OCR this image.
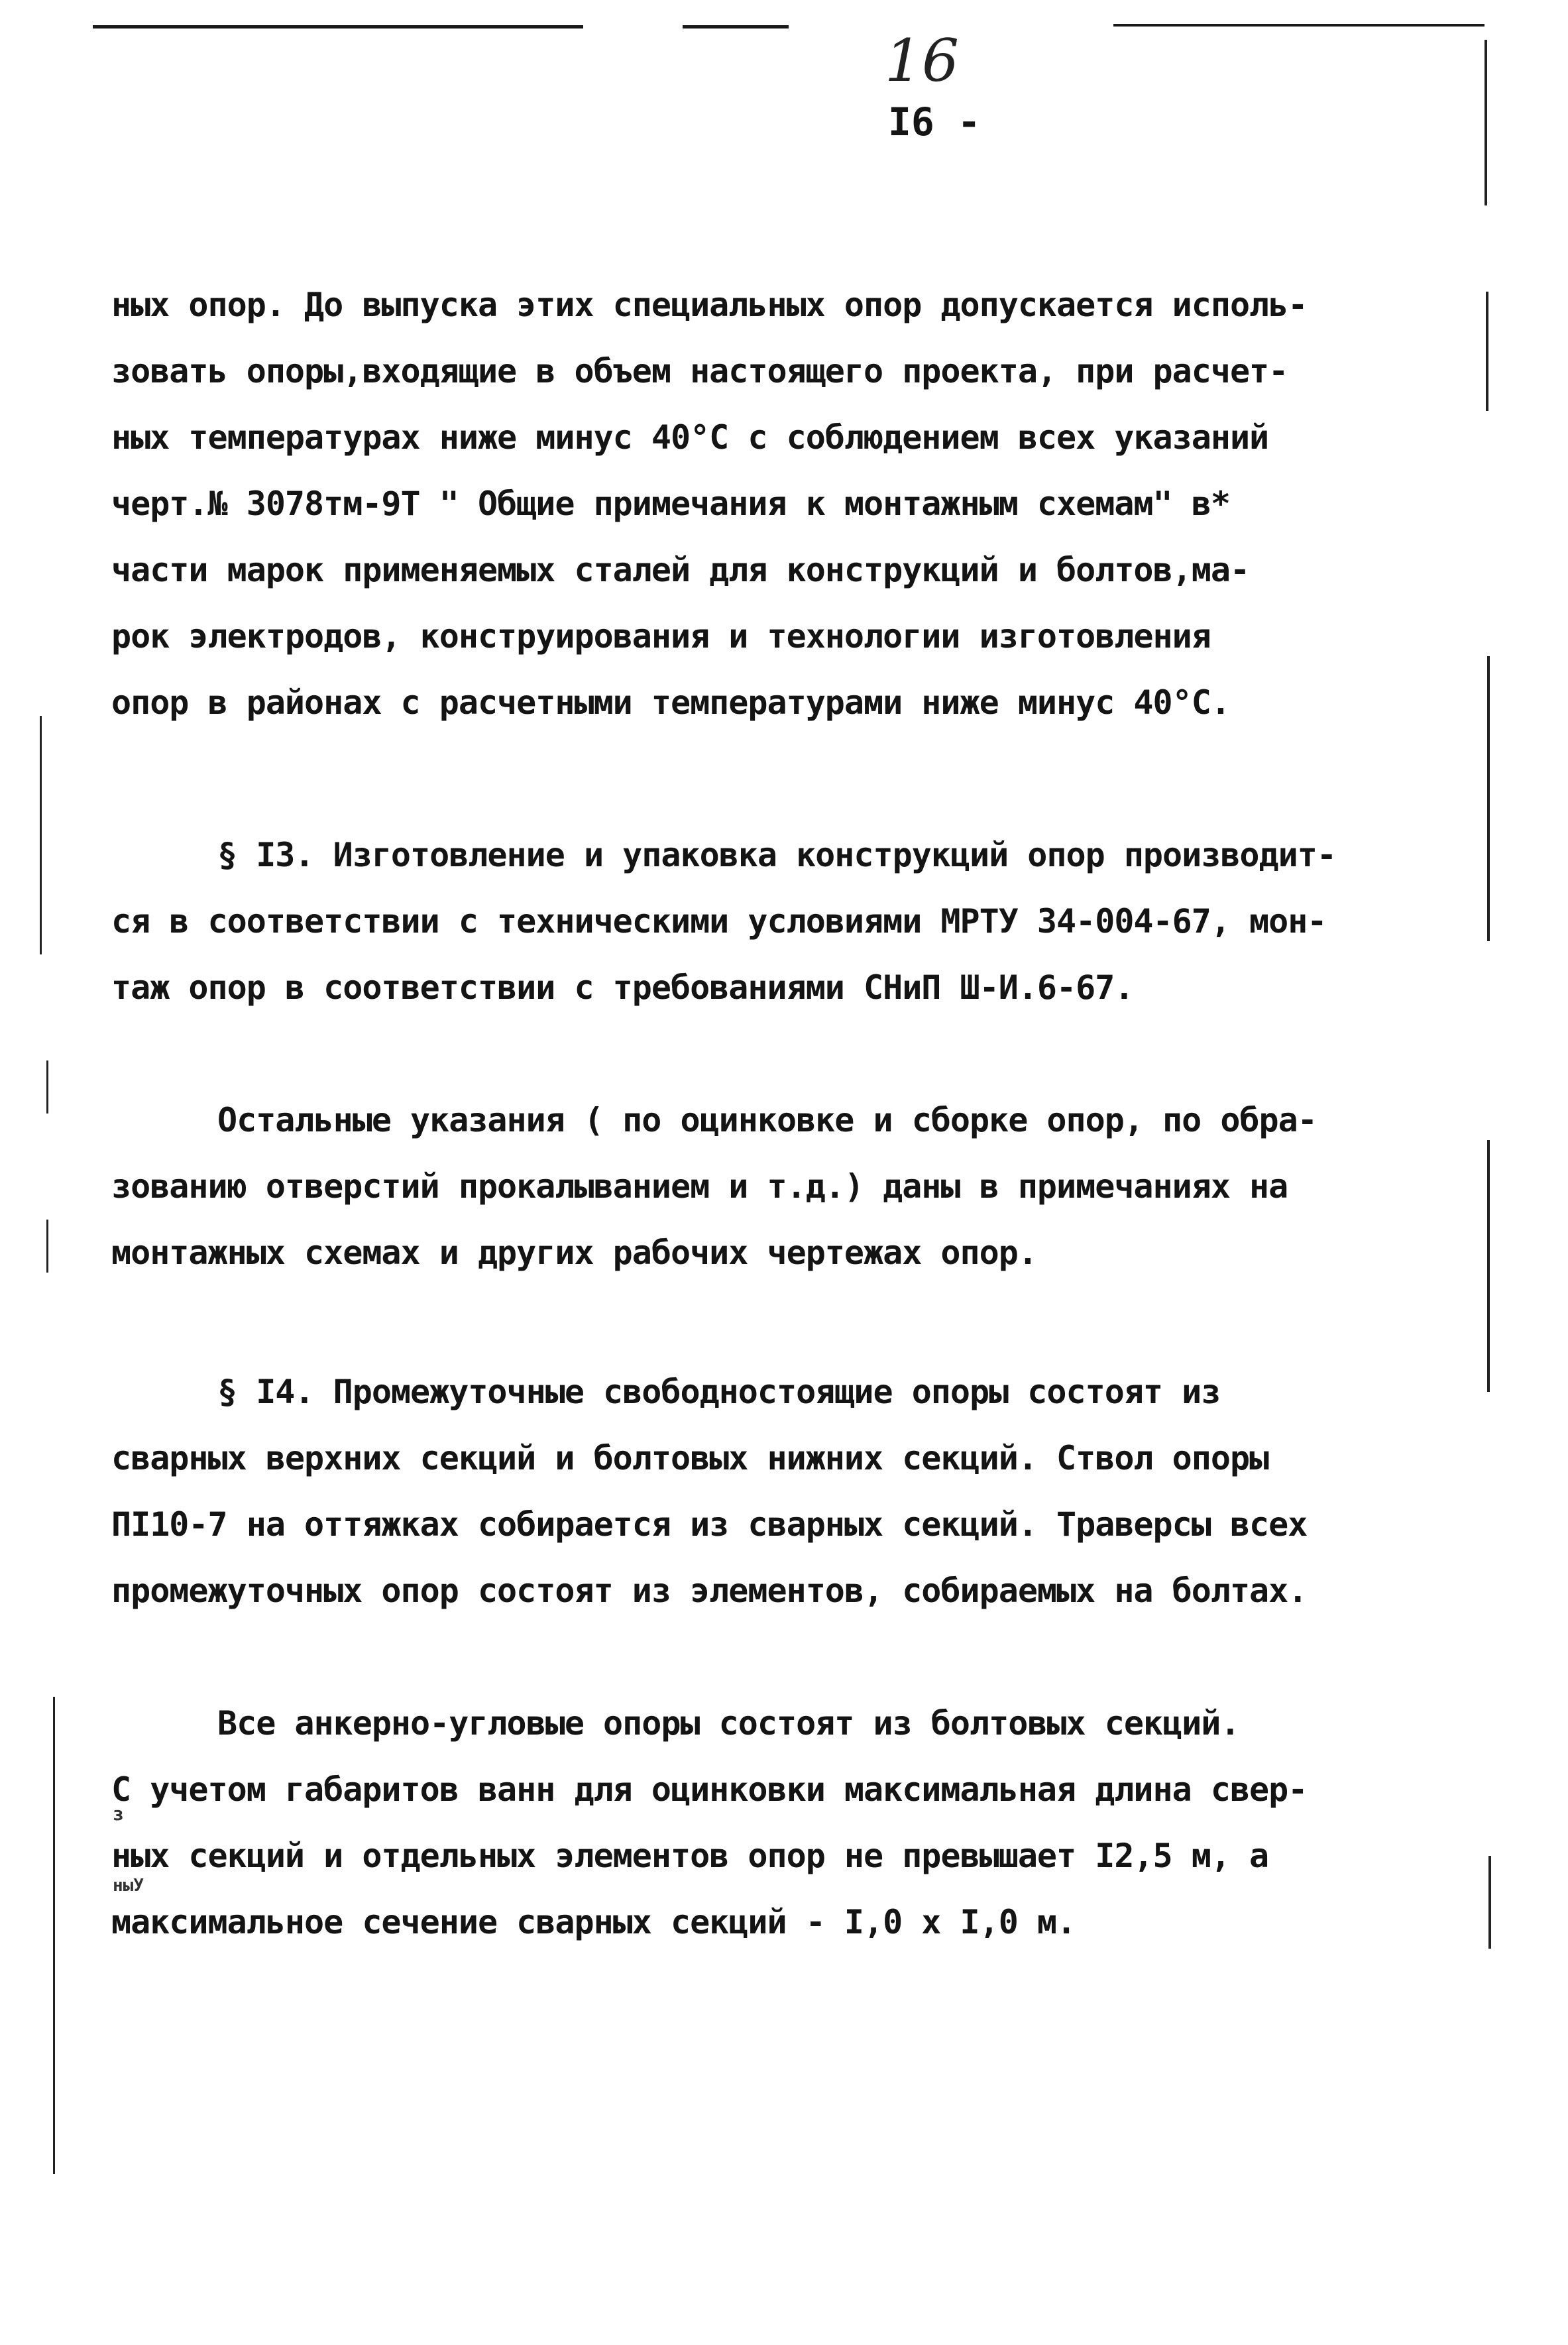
16
I6 -
ных опор. До выпуска этих специальных опор допускается исполь-
зовать опоры,входящие в объем настоящего проекта, при расчет-
ных температурах ниже минус 40°С с соблюдением всех указаний
черт.№ 3078тм-9Т " Общие примечания к монтажным схемам" в*
части марок применяемых сталей для конструкций и болтов,ма-
рок электродов, конструирования и технологии изготовления
опор в районах с расчетными температурами ниже минус 40°С.
§ I3. Изготовление и упаковка конструкций опор производит-
ся в соответствии с техническими условиями МРТУ 34-004-67, мон-
таж опор в соответствии с требованиями СНиП Ш-И.6-67.
Остальные указания ( по оцинковке и сборке опор, по обра-
зованию отверстий прокалыванием и т.д.) даны в примечаниях на
монтажных схемах и других рабочих чертежах опор.
§ I4. Промежуточные свободностоящие опоры состоят из
сварных верхних секций и болтовых нижних секций. Ствол опоры
ПI10-7 на оттяжках собирается из сварных секций. Траверсы всех
промежуточных опор состоят из элементов, собираемых на болтах.
Все анкерно-угловые опоры состоят из болтовых секций.
С учетом габаритов ванн для оцинковки максимальная длина свер-
ных секций и отдельных элементов опор не превышает I2,5 м, а
максимальное сечение сварных секций - I,0 х I,0 м.
з
ныУ
